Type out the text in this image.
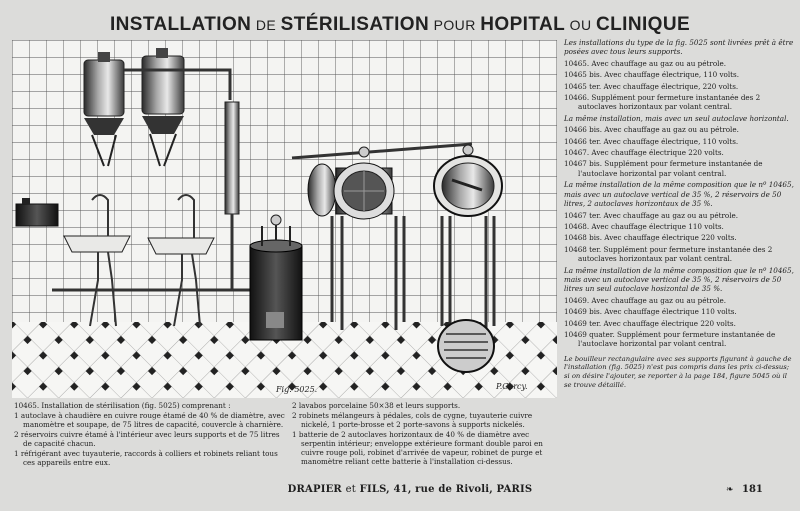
INSTALLATION DE STÉRILISATION POUR HOPITAL OU CLINIQUE
Fig. 5025.	P.Carcy.

Les installations du type de la fig. 5025 sont livrées prêt à être posées avec tous leurs supports.

10465. Avec chauffage au gaz ou au pétrole.

10465 bis. Avec chauffage électrique, 110 volts.

10465 ter. Avec chauffage électrique, 220 volts.

10466. Supplément pour fermeture instantanée des 2 autoclaves horizontaux par volant central.

La même installation, mais avec un seul autoclave horizontal.

10466 bis. Avec chauffage au gaz ou au pétrole.

10466 ter. Avec chauffage électrique, 110 volts.

10467. Avec chauffage électrique 220 volts.

10467 bis. Supplément pour fermeture instantanée de l'autoclave horizontal par volant central.

La même installation de la même composition que le nº 10465, mais avec un autoclave vertical de 35 %, 2 réservoirs de 50 litres, 2 autoclaves horizontaux de 35 %.

10467 ter. Avec chauffage au gaz ou au pétrole.

10468. Avec chauffage électrique 110 volts.

10468 bis. Avec chauffage électrique 220 volts.

10468 ter. Supplément pour fermeture instantanée des 2 autoclaves horizontaux par volant central.

La même installation de la même composition que le nº 10465, mais avec un autoclave vertical de 35 %, 2 réservoirs de 50 litres un seul autoclave hosizontal de 35 %.

10469. Avec chauffage au gaz ou au pétrole.

10469 bis. Avec chauffage électrique 110 volts.

10469 ter. Avec chauffage électrique 220 volts.

10469 quater. Supplément pour fermeture instantanée de l'autoclave horizontal par volant central.

Le bouilleur rectangulaire avec ses supports figurant à gauche de l'installation (fig. 5025) n'est pas compris dans les prix ci-dessus; si on désire l'ajouter, se reporter à la page 184, figure 5045 où il se trouve détaillé.

10465. Installation de stérilisation (fig. 5025) comprenant :

1 autoclave à chaudière en cuivre rouge étamé de 40 % de diamètre, avec manomètre et soupape, de 75 litres de capacité, couvercle à charnière.

2 réservoirs cuivre étamé à l'intérieur avec leurs supports et de 75 litres de capacité chacun.

1 réfrigérant avec tuyauterie, raccords à colliers et robinets reliant tous ces appareils entre eux.

2 lavabos porcelaine 50×38 et leurs supports.

2 robinets mélangeurs à pédales, cols de cygne, tuyauterie cuivre nickelé, 1 porte-brosse et 2 porte-savons à supports nickelés.

1 batterie de 2 autoclaves horizontaux de 40 % de diamètre avec serpentin intérieur; enveloppe extérieure formant double paroi en cuivre rouge poli, robinet d'arrivée de vapeur, robinet de purge et manomètre reliant cette batterie à l'installation ci-dessus.

DRAPIER et FILS, 41, rue de Rivoli, PARIS	❧ 181
